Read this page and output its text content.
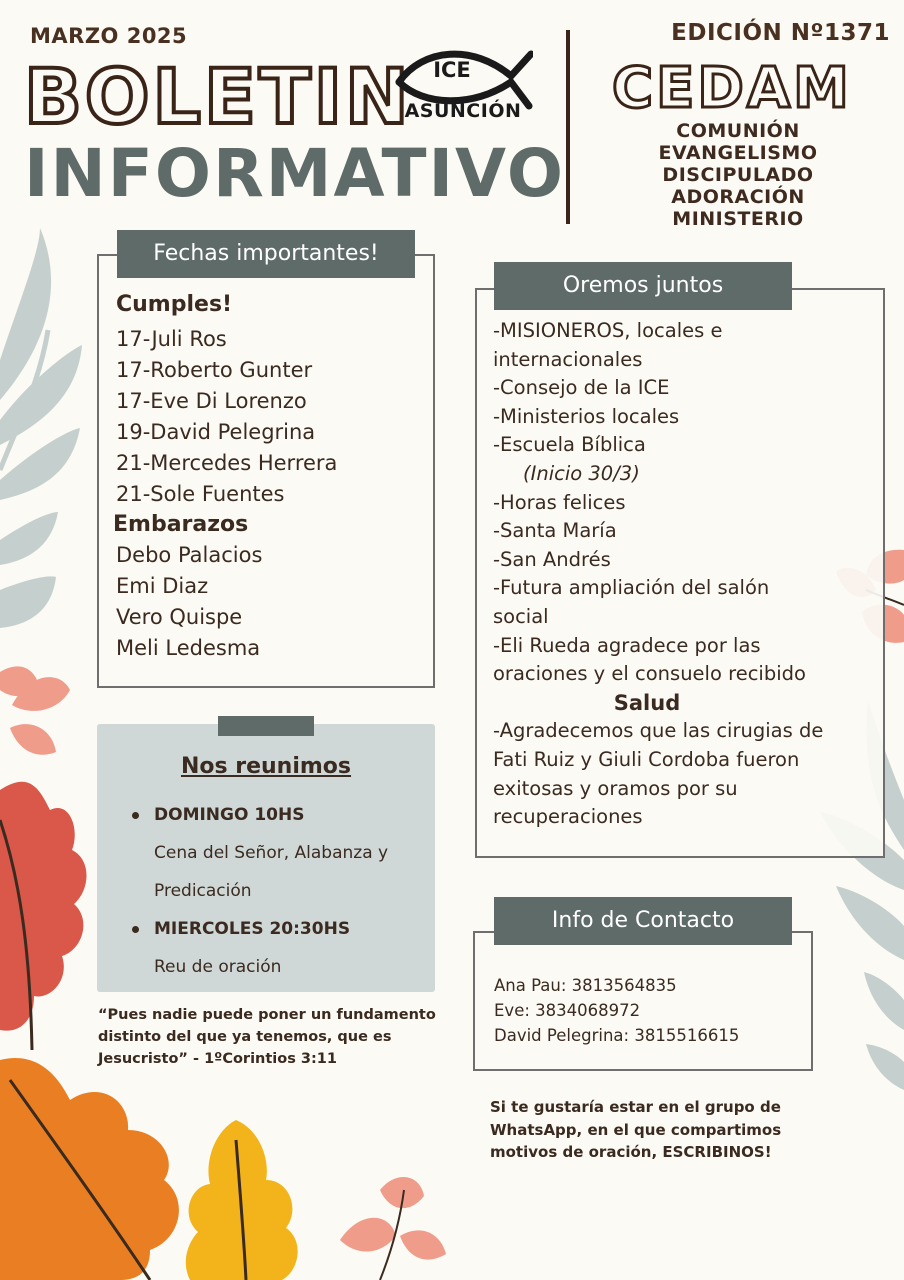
MARZO 2025
BOLETIN
INFORMATIVO
ICE
ASUNCIÓN
EDICIÓN Nº1371
CEDAM
COMUNIÓN
EVANGELISMO
DISCIPULADO
ADORACIÓN
MINISTERIO
Fechas importantes!
Cumples!
17-Juli Ros
17-Roberto Gunter
17-Eve Di Lorenzo
19-David Pelegrina
21-Mercedes Herrera
21-Sole Fuentes
Embarazos
Debo Palacios
Emi Diaz
Vero Quispe
Meli Ledesma
Nos reunimos
DOMINGO 10HS
Cena del Señor, Alabanza y
Predicación
MIERCOLES 20:30HS
Reu de oración
“Pues nadie puede poner un fundamento
distinto del que ya tenemos, que es
Jesucristo” - 1ºCorintios 3:11
Oremos juntos
-MISIONEROS, locales e
internacionales
-Consejo de la ICE
-Ministerios locales
-Escuela Bíblica
(Inicio 30/3)
-Horas felices
-Santa María
-San Andrés
-Futura ampliación del salón
social
-Eli Rueda agradece por las
oraciones y el consuelo recibido
Salud
-Agradecemos que las cirugias de
Fati Ruiz y Giuli Cordoba fueron
exitosas y oramos por su
recuperaciones
Info de Contacto
Ana Pau: 3813564835
Eve: 3834068972
David Pelegrina: 3815516615
Si te gustaría estar en el grupo de
WhatsApp, en el que compartimos
motivos de oración, ESCRIBINOS!
